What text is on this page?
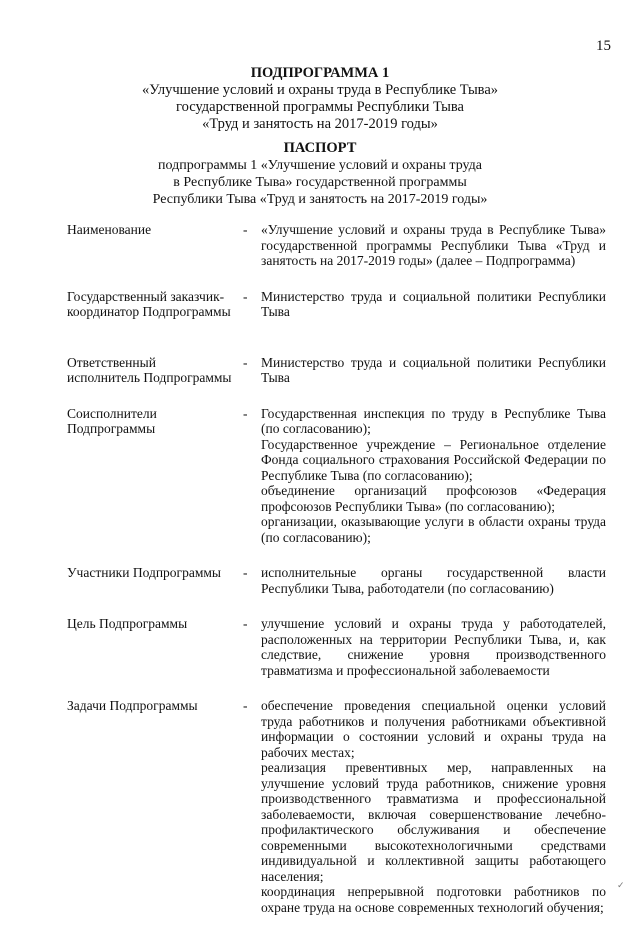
15
ПОДПРОГРАММА 1
«Улучшение условий и охраны труда в Республике Тыва»
государственной программы Республики Тыва
«Труд и занятость на 2017-2019 годы»
ПАСПОРТ
подпрограммы 1 «Улучшение условий и охраны труда
в Республике Тыва» государственной программы
Республики Тыва «Труд и занятость на 2017-2019 годы»
Наименование	- «Улучшение условий и охраны труда в Республике Тыва» государственной программы Республики Тыва «Труд и занятость на 2017-2019 годы» (далее – Подпрограмма)

Государственный заказчик-координатор Подпрограммы
- Министерство труда и социальной политики Республики Тыва

Ответственный исполнитель Подпрограммы
- Министерство труда и социальной политики Республики Тыва

Соисполнители Подпрограммы
- Государственная инспекция по труду в Республике Тыва (по согласованию);

Государственное учреждение – Региональное отделение Фонда социального страхования Российской Федерации по Республике Тыва (по согласованию);

объединение организаций профсоюзов «Федерация профсоюзов Республики Тыва» (по согласованию);

организации, оказывающие услуги в области охраны труда (по согласованию);

Участники Подпрограммы	- исполнительные органы государственной власти Республики Тыва, работодатели (по согласованию)

Цель Подпрограммы	- улучшение условий и охраны труда у работодателей, расположенных на территории Республики Тыва, и, как следствие, снижение уровня производственного травматизма и профессиональной заболеваемости

Задачи Подпрограммы	- обеспечение проведения специальной оценки условий труда работников и получения работниками объективной информации о состоянии условий и охраны труда на рабочих местах;

реализация превентивных мер, направленных на улучшение условий труда работников, снижение уровня производственного травматизма и профессиональной заболеваемости, включая совершенствование лечебно-профилактического обслуживания и обеспечение современными высокотехнологичными средствами индивидуальной и коллективной защиты работающего населения;

координация непрерывной подготовки работников по охране труда на основе современных технологий обучения;

✓
